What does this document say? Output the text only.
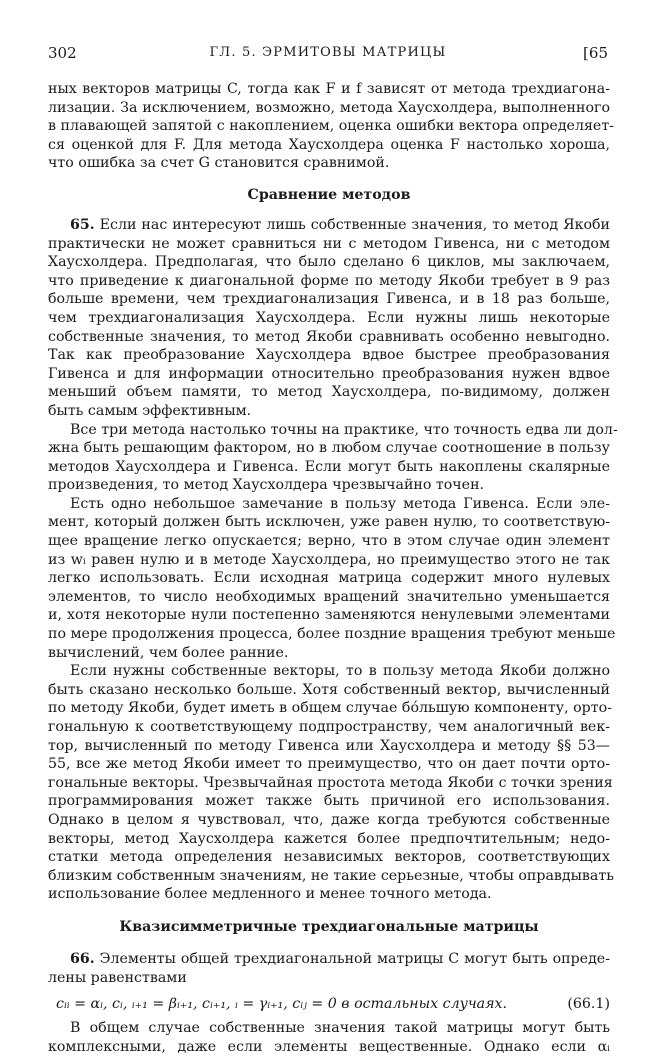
302	ГЛ. 5. ЭРМИТОВЫ МАТРИЦЫ	[65
ных векторов матрицы C, тогда как F и f зависят от метода трехдиагона-
лизации. За исключением, возможно, метода Хаусхолдера, выполненного
в плавающей запятой с накоплением, оценка ошибки вектора определяет-
ся оценкой для F. Для метода Хаусхолдера оценка F настолько хороша,
что ошибка за счет G становится сравнимой.
Сравнение методов
65. Если нас интересуют лишь собственные значения, то метод Якоби
практически не может сравниться ни с методом Гивенса, ни с методом
Хаусхолдера. Предполагая, что было сделано 6 циклов, мы заключаем,
что приведение к диагональной форме по методу Якоби требует в 9 раз
больше времени, чем трехдиагонализация Гивенса, и в 18 раз больше,
чем трехдиагонализация Хаусхолдера. Если нужны лишь некоторые
собственные значения, то метод Якоби сравнивать особенно невыгодно.
Так как преобразование Хаусхолдера вдвое быстрее преобразования
Гивенса и для информации относительно преобразования нужен вдвое
меньший объем памяти, то метод Хаусхолдера, по-видимому, должен
быть самым эффективным.
Все три метода настолько точны на практике, что точность едва ли дол-
жна быть решающим фактором, но в любом случае соотношение в пользу
методов Хаусхолдера и Гивенса. Если могут быть накоплены скалярные
произведения, то метод Хаусхолдера чрезвычайно точен.
Есть одно небольшое замечание в пользу метода Гивенса. Если эле-
мент, который должен быть исключен, уже равен нулю, то соответствую-
щее вращение легко опускается; верно, что в этом случае один элемент
из wᵢ равен нулю и в методе Хаусхолдера, но преимущество этого не так
легко использовать. Если исходная матрица содержит много нулевых
элементов, то число необходимых вращений значительно уменьшается
и, хотя некоторые нули постепенно заменяются ненулевыми элементами
по мере продолжения процесса, более поздние вращения требуют меньше
вычислений, чем более ранние.
Если нужны собственные векторы, то в пользу метода Якоби должно
быть сказано несколько больше. Хотя собственный вектор, вычисленный
по методу Якоби, будет иметь в общем случае бóльшую компоненту, орто-
гональную к соответствующему подпространству, чем аналогичный век-
тор, вычисленный по методу Гивенса или Хаусхолдера и методу §§ 53—
55, все же метод Якоби имеет то преимущество, что он дает почти орто-
гональные векторы. Чрезвычайная простота метода Якоби с точки зрения
программирования может также быть причиной его использования.
Однако в целом я чувствовал, что, даже когда требуются собственные
векторы, метод Хаусхолдера кажется более предпочтительным; недо-
статки метода определения независимых векторов, соответствующих
близким собственным значениям, не такие серьезные, чтобы оправдывать
использование более медленного и менее точного метода.
Квазисимметричные трехдиагональные матрицы
66. Элементы общей трехдиагональной матрицы C могут быть опреде-
лены равенствами
cᵢᵢ = αᵢ, cᵢ, ᵢ₊₁ = βᵢ₊₁, cᵢ₊₁, ᵢ = γᵢ₊₁, cᵢⱼ = 0 в остальных случаях.	(66.1)
В общем случае собственные значения такой матрицы могут быть
комплексными, даже если элементы вещественные. Однако если αᵢ
